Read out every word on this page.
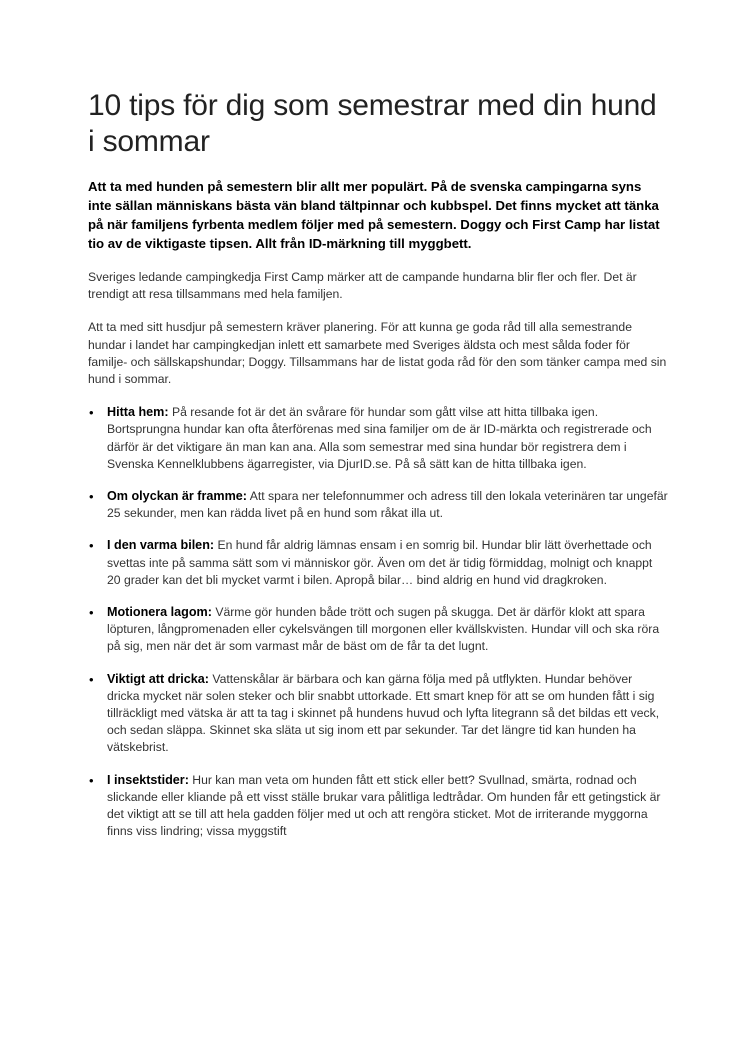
10 tips för dig som semestrar med din hund i sommar

Att ta med hunden på semestern blir allt mer populärt. På de svenska campingarna syns inte sällan människans bästa vän bland tältpinnar och kubbspel. Det finns mycket att tänka på när familjens fyrbenta medlem följer med på semestern. Doggy och First Camp har listat tio av de viktigaste tipsen. Allt från ID-märkning till myggbett.

Sveriges ledande campingkedja First Camp märker att de campande hundarna blir fler och fler. Det är trendigt att resa tillsammans med hela familjen.

Att ta med sitt husdjur på semestern kräver planering. För att kunna ge goda råd till alla semestrande hundar i landet har campingkedjan inlett ett samarbete med Sveriges äldsta och mest sålda foder för familje- och sällskapshundar; Doggy. Tillsammans har de listat goda råd för den som tänker campa med sin hund i sommar.

• Hitta hem: På resande fot är det än svårare för hundar som gått vilse att hitta tillbaka igen. Bortsprungna hundar kan ofta återförenas med sina familjer om de är ID-märkta och registrerade och därför är det viktigare än man kan ana. Alla som semestrar med sina hundar bör registrera dem i Svenska Kennelklubbens ägarregister, via DjurID.se. På så sätt kan de hitta tillbaka igen.
• Om olyckan är framme: Att spara ner telefonnummer och adress till den lokala veterinären tar ungefär 25 sekunder, men kan rädda livet på en hund som råkat illa ut.
• I den varma bilen: En hund får aldrig lämnas ensam i en somrig bil. Hundar blir lätt överhettade och svettas inte på samma sätt som vi människor gör. Även om det är tidig förmiddag, molnigt och knappt 20 grader kan det bli mycket varmt i bilen. Apropå bilar… bind aldrig en hund vid dragkroken.
• Motionera lagom: Värme gör hunden både trött och sugen på skugga. Det är därför klokt att spara löpturen, långpromenaden eller cykelsvängen till morgonen eller kvällskvisten. Hundar vill och ska röra på sig, men när det är som varmast mår de bäst om de får ta det lugnt.
• Viktigt att dricka: Vattenskålar är bärbara och kan gärna följa med på utflykten. Hundar behöver dricka mycket när solen steker och blir snabbt uttorkade. Ett smart knep för att se om hunden fått i sig tillräckligt med vätska är att ta tag i skinnet på hundens huvud och lyfta litegrann så det bildas ett veck, och sedan släppa. Skinnet ska släta ut sig inom ett par sekunder. Tar det längre tid kan hunden ha vätskebrist.
• I insektstider: Hur kan man veta om hunden fått ett stick eller bett? Svullnad, smärta, rodnad och slickande eller kliande på ett visst ställe brukar vara pålitliga ledtrådar. Om hunden får ett getingstick är det viktigt att se till att hela gadden följer med ut och att rengöra sticket. Mot de irriterande myggorna finns viss lindring; vissa myggstift
